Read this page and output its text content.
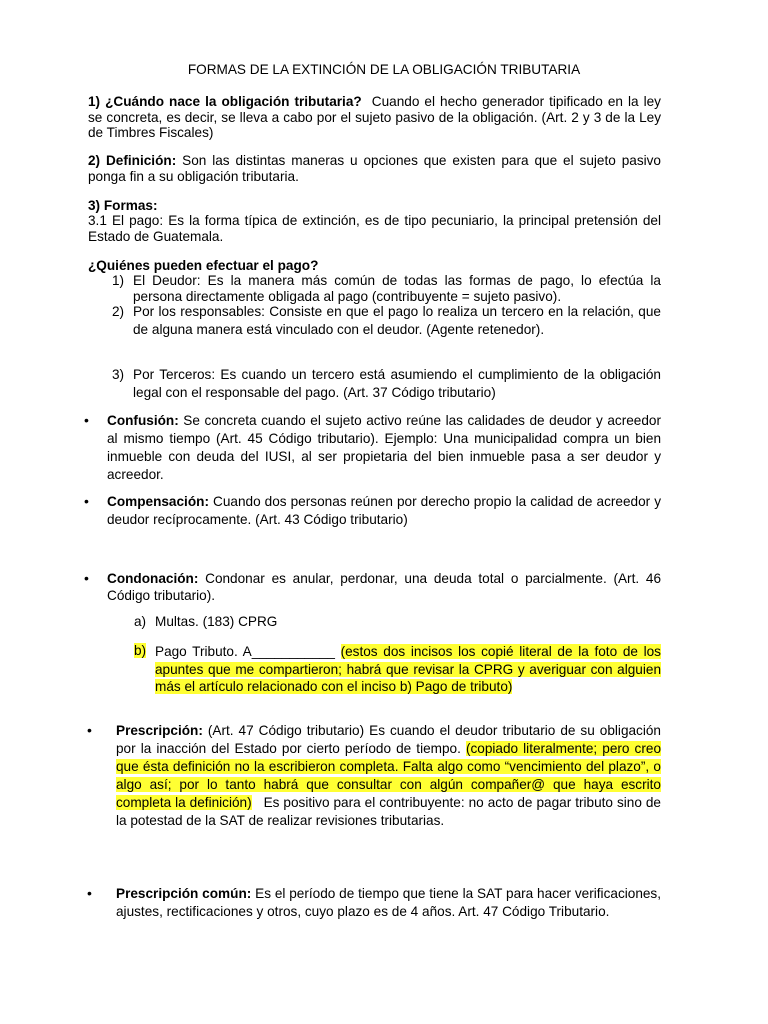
FORMAS DE LA EXTINCIÓN DE LA OBLIGACIÓN TRIBUTARIA
1) ¿Cuándo nace la obligación tributaria? Cuando el hecho generador tipificado en la ley se concreta, es decir, se lleva a cabo por el sujeto pasivo de la obligación. (Art. 2 y 3 de la Ley de Timbres Fiscales)
2) Definición: Son las distintas maneras u opciones que existen para que el sujeto pasivo ponga fin a su obligación tributaria.
3) Formas:
3.1 El pago: Es la forma típica de extinción, es de tipo pecuniario, la principal pretensión del Estado de Guatemala.
¿Quiénes pueden efectuar el pago?
1) El Deudor: Es la manera más común de todas las formas de pago, lo efectúa la persona directamente obligada al pago (contribuyente = sujeto pasivo).
2) Por los responsables: Consiste en que el pago lo realiza un tercero en la relación, que de alguna manera está vinculado con el deudor. (Agente retenedor).
3) Por Terceros: Es cuando un tercero está asumiendo el cumplimiento de la obligación legal con el responsable del pago. (Art. 37 Código tributario)
• Confusión: Se concreta cuando el sujeto activo reúne las calidades de deudor y acreedor al mismo tiempo (Art. 45 Código tributario). Ejemplo: Una municipalidad compra un bien inmueble con deuda del IUSI, al ser propietaria del bien inmueble pasa a ser deudor y acreedor.
• Compensación: Cuando dos personas reúnen por derecho propio la calidad de acreedor y deudor recíprocamente. (Art. 43 Código tributario)
• Condonación: Condonar es anular, perdonar, una deuda total o parcialmente. (Art. 46 Código tributario).
a) Multas. (183) CPRG
b) Pago Tributo. A___________ (estos dos incisos los copié literal de la foto de los apuntes que me compartieron; habrá que revisar la CPRG y averiguar con alguien más el artículo relacionado con el inciso b) Pago de tributo)
• Prescripción: (Art. 47 Código tributario) Es cuando el deudor tributario de su obligación por la inacción del Estado por cierto período de tiempo. (copiado literalmente; pero creo que ésta definición no la escribieron completa. Falta algo como “vencimiento del plazo”, o algo así; por lo tanto habrá que consultar con algún compañer@ que haya escrito completa la definición) Es positivo para el contribuyente: no acto de pagar tributo sino de la potestad de la SAT de realizar revisiones tributarias.
• Prescripción común: Es el período de tiempo que tiene la SAT para hacer verificaciones, ajustes, rectificaciones y otros, cuyo plazo es de 4 años. Art. 47 Código Tributario.
